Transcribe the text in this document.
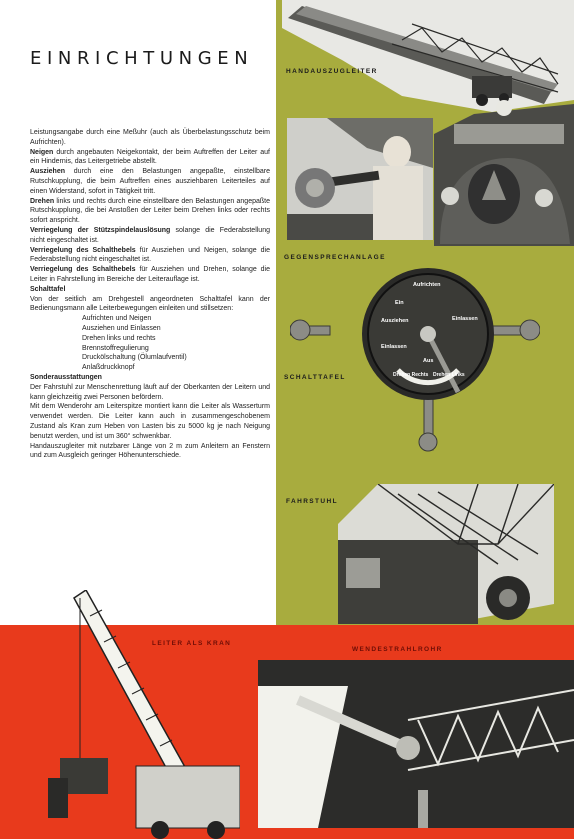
EINRICHTUNGEN

Leistungsangabe durch eine Meßuhr (auch als Überbelastungsschutz beim Aufrichten).

Neigen durch angebauten Neigekontakt, der beim Auftreffen der Leiter auf ein Hindernis, das Leitergetriebe abstellt.

Ausziehen durch eine den Belastungen angepaßte, einstellbare Rutschkupplung, die beim Auftreffen eines ausziehbaren Leiterteiles auf einen Widerstand, sofort in Tätigkeit tritt.

Drehen links und rechts durch eine einstellbare den Belastungen angepaßte Rutschkupplung, die bei Anstoßen der Leiter beim Drehen links oder rechts sofort anspricht.

Verriegelung der Stützspindelauslösung solange die Federabstellung nicht eingeschaltet ist.

Verriegelung des Schalthebels für Ausziehen und Neigen, solange die Federabstellung nicht eingeschaltet ist.

Verriegelung des Schalthebels für Ausziehen und Drehen, solange die Leiter in Fahrstellung im Bereiche der Leiterauflage ist.

Schalttafel

Von der seitlich am Drehgestell angeordneten Schalttafel kann der Bedienungsmann alle Leiterbewegungen einleiten und stillsetzen:

Aufrichten und Neigen
Ausziehen und Einlassen
Drehen links und rechts
Brennstoffregulierung
Druckölschaltung (Ölumlaufventil)
Anlaßdruckknopf

Sonderausstattungen

Der Fahrstuhl zur Menschenrettung läuft auf der Oberkanten der Leitern und kann gleichzeitig zwei Personen befördern.

Mit dem Wenderohr am Leiterspitze montiert kann die Leiter als Wasserturm verwendet werden. Die Leiter kann auch in zusammengeschobenem Zustand als Kran zum Heben von Lasten bis zu 5000 kg je nach Neigung benutzt werden, und ist um 360° schwenkbar.

Handauszugleiter mit nutzbarer Länge von 2 m zum Anleitern an Fenstern und zum Ausgleich geringer Höhenunterschiede.

HANDAUSZUGLEITER
GEGENSPRECHANLAGE
Aufrichten
Ein
Ausziehen	Einlassen
Einlassen
Aus
Drehen Rechts Drehen Links
SCHALTTAFEL
FAHRSTUHL
LEITER ALS KRAN
WENDESTRAHLROHR
